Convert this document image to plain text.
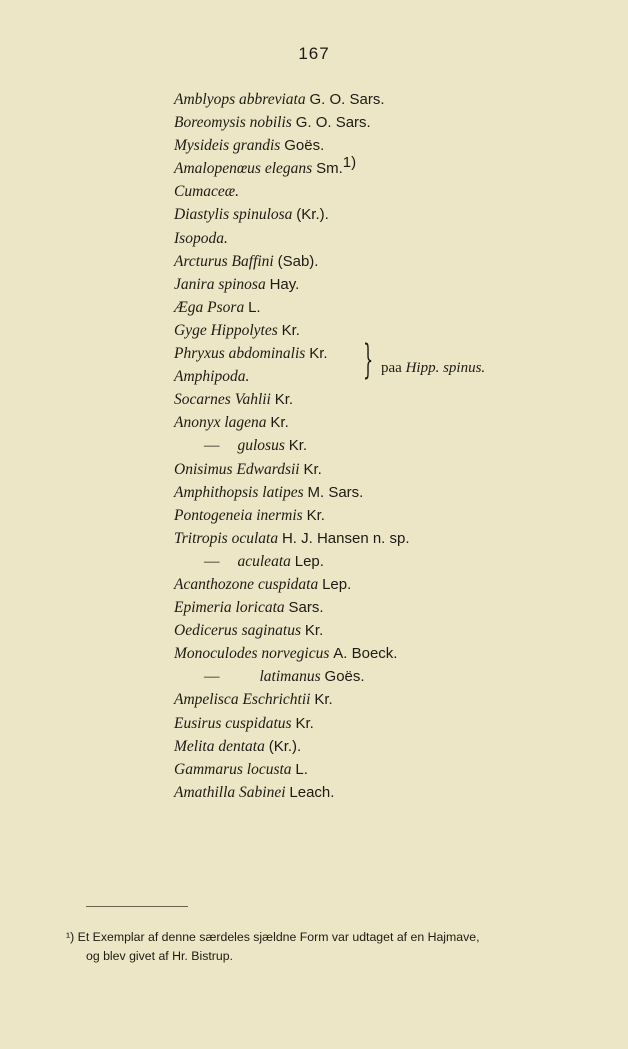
167
Amblyops abbreviata G. O. Sars.
Boreomysis nobilis G. O. Sars.
Mysideis grandis Goës.
Amalopenœus elegans Sm.$^{1)}$
Cumaceæ.
Diastylis spinulosa (Kr.).
Isopoda.
Arcturus Baffini (Sab).
Janira spinosa Hay.
Æga Psora L.
Gyge Hippolytes Kr.
Phryxus abdominalis Kr.
Amphipoda.
Socarnes Vahlii Kr.
Anonyx lagena Kr.
— gulosus Kr.
Onisimus Edwardsii Kr.
Amphithopsis latipes M. Sars.
Pontogeneia inermis Kr.
Tritropis oculata H. J. Hansen n. sp.
— aculeata Lep.
Acanthozone cuspidata Lep.
Epimeria loricata Sars.
Oedicerus saginatus Kr.
Monoculodes norvegicus A. Boeck.
—	latimanus Goës.
Ampelisca Eschrichtii Kr.
Eusirus cuspidatus Kr.
Melita dentata (Kr.).
Gammarus locusta L.
Amathilla Sabinei Leach.
} paa Hipp. spinus.
¹) Et Exemplar af denne særdeles sjældne Form var udtaget af en Hajmave,
og blev givet af Hr. Bistrup.
